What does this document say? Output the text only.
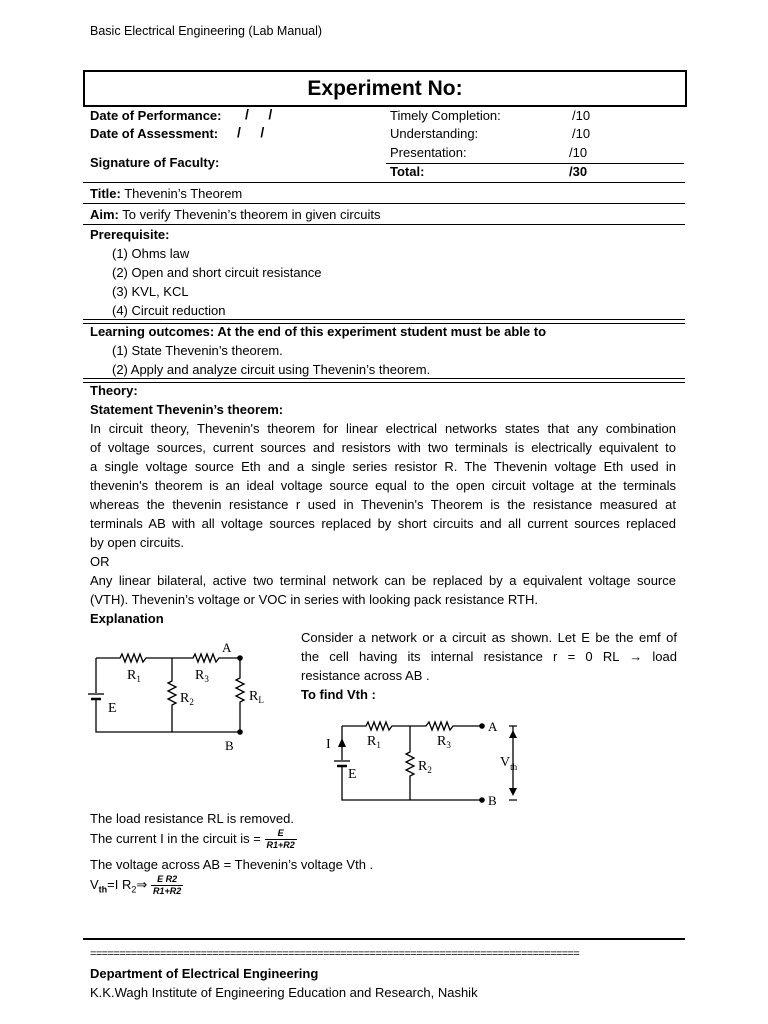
Basic Electrical Engineering (Lab Manual)
Experiment No:
Date of Performance: /     /
Date of Assessment: /     /
Signature of Faculty:
Timely Completion:	/10
Understanding:	/10
Presentation:	/10
Total:	/30
Title: Thevenin’s Theorem
Aim: To verify Thevenin’s theorem in given circuits
Prerequisite:
(1) Ohms law
(2) Open and short circuit resistance
(3) KVL, KCL
(4) Circuit reduction
Learning outcomes: At the end of this experiment student must be able to
(1) State Thevenin’s theorem.
(2) Apply and analyze circuit using Thevenin’s theorem.
Theory:
Statement Thevenin’s theorem:
In circuit theory, Thevenin's theorem for linear electrical networks states that any combination
of voltage sources, current sources and resistors with two terminals is electrically equivalent to
a single voltage source Eth and a single series resistor R. The Thevenin voltage Eth used in
thevenin's theorem is an ideal voltage source equal to the open circuit voltage at the terminals
whereas the thevenin resistance r used in Thevenin's Theorem is the resistance measured at
terminals AB with all voltage sources replaced by short circuits and all current sources replaced
by open circuits.
OR
Any linear bilateral, active two terminal network can be replaced by a equivalent voltage source
(VTH). Thevenin’s voltage or VOC in series with looking pack resistance RTH.
Explanation
Consider a network or a circuit as shown. Let E be the emf of
the cell having its internal resistance r = 0 RL → load
resistance across AB .
To find Vth :
A
B
$R_1$	$R_3$
$R_2$	$R_L$
E
A
B
I
E
$R_1$	$R_3$
$R_2$	$V_{th}$
The load resistance RL is removed.
The current I in the circuit is = $\frac{E}{R1+R2}$
The voltage across AB = Thevenin’s voltage Vth .
$V_{th}=I$ $R_2\Rightarrow \frac{\text{E R2}}{R1+R2}$
====================================================================================
Department of Electrical Engineering
K.K.Wagh Institute of Engineering Education and Research, Nashik
